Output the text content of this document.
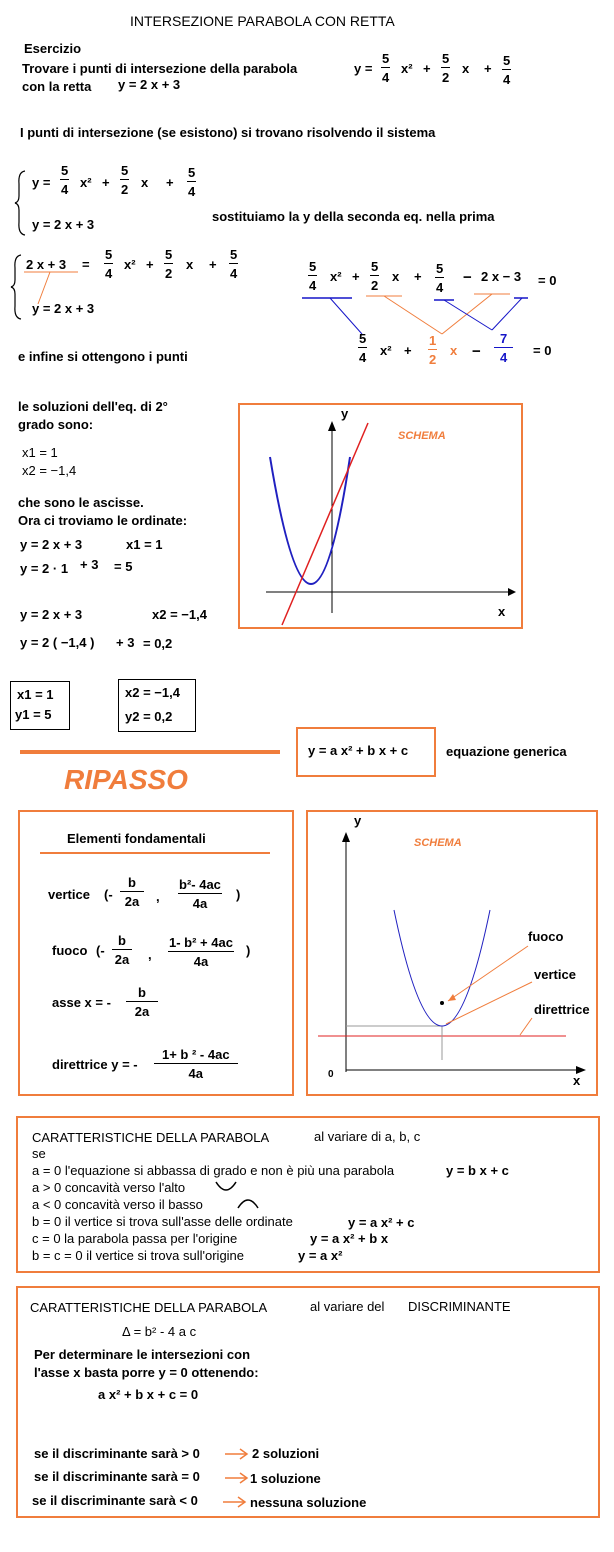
INTERSEZIONE PARABOLA CON RETTA
Esercizio
Trovare i punti di intersezione della parabola
con la retta y = 2 x + 3
y =
5
4
x² +
5
2
x +
5
4
I punti di intersezione (se esistono) si trovano risolvendo il sistema
y =
5
4 x² +
5
2 x +
5
4
y = 2 x + 3
sostituiamo la y della seconda eq. nella prima
2 x + 3 =
5
4
x² +
5
2
x +
5
4
y = 2 x + 3
5
4
x² +
5
2
x +
5
4
− 2 x − 3 = 0
5
4 x² +
1
2
x −
7
4 = 0
e infine si ottengono i punti
le soluzioni dell'eq. di 2°
grado sono:
x1 = 1
x2 = −1,4
che sono le ascisse.
Ora ci troviamo le ordinate:
y = 2 x + 3	x1 = 1
y = 2 · 1 + 3 = 5
y = 2 x + 3	x2 = −1,4
y = 2 ( −1,4 ) + 3 = 0,2
x1 = 1
y1 = 5
x2 = −1,4
y2 = 0,2
y
x
SCHEMA
RIPASSO
y = a x² + b x + c	equazione generica
Elementi fondamentali
vertice (-
b
2a ,
b²- 4ac
4a
)
fuoco (-
b
2a ,
1- b² + 4ac
4a
)
asse x = -
b
2a
direttrice y = -
1+ b ² - 4ac
4a
y
x
0
SCHEMA
fuoco
vertice
direttrice
CARATTERISTICHE DELLA PARABOLA	al variare di a, b, c
se
a = 0 l'equazione si abbassa di grado e non è più una parabola	y = b x + c
a > 0 concavità verso l'alto
a < 0 concavità verso il basso
b = 0 il vertice si trova sull'asse delle ordinate	y = a x² + c
c = 0 la parabola passa per l'origine	y = a x² + b x
b = c = 0 il vertice si trova sull'origine	y = a x²
CARATTERISTICHE DELLA PARABOLA	al variare del DISCRIMINANTE
Δ = b² - 4 a c
Per determinare le intersezioni con
l'asse x basta porre y = 0 ottenendo:
a x² + b x + c = 0
se il discriminante sarà > 0	2 soluzioni
se il discriminante sarà = 0	1 soluzione
se il discriminante sarà < 0	nessuna soluzione
